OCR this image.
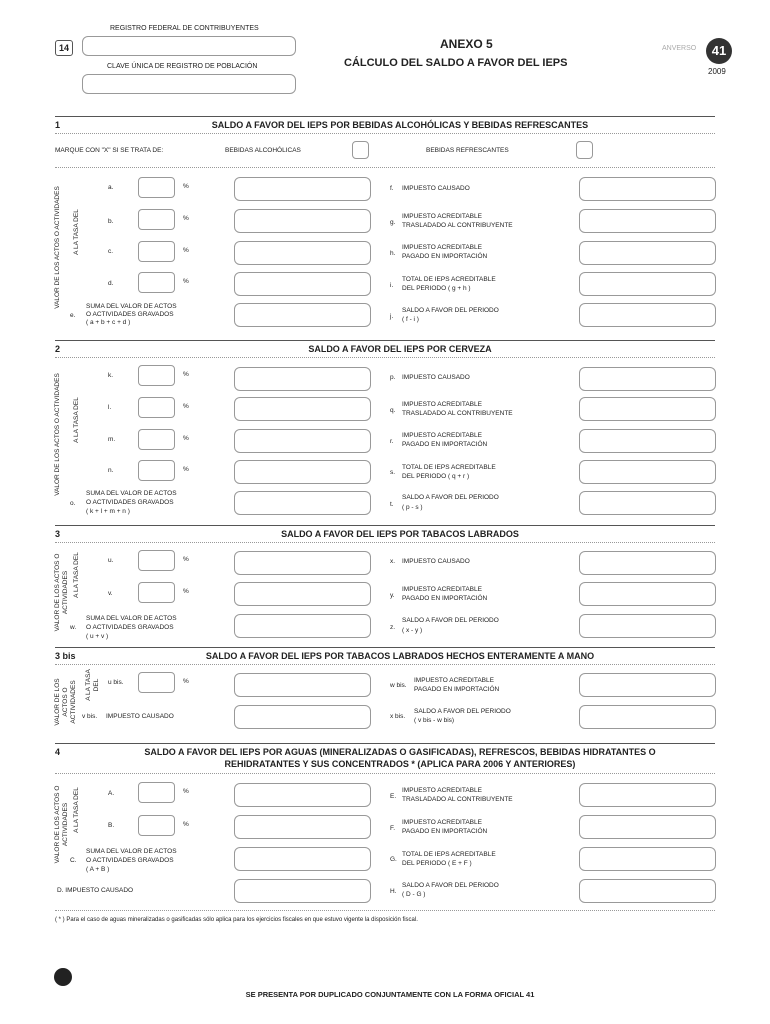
14
REGISTRO FEDERAL DE CONTRIBUYENTES
CLAVE ÚNICA DE REGISTRO DE POBLACIÓN
ANEXO 5
CÁLCULO DEL SALDO A FAVOR DEL IEPS
ANVERSO	41
2009
1	SALDO A FAVOR DEL IEPS POR BEBIDAS ALCOHÓLICAS Y BEBIDAS REFRESCANTES
MARQUE CON "X" SI SE TRATA DE:	BEBIDAS ALCOHÓLICAS	BEBIDAS REFRESCANTES
VALOR DE LOS ACTOS O ACTIVIDADES A LA TASA DEL
a.	%
b.	%
c.	%
d.	%
e.
SUMA DEL VALOR DE ACTOS
O ACTIVIDADES GRAVADOS
( a + b + c + d )
f. IMPUESTO CAUSADO
g.
IMPUESTO ACREDITABLE
TRASLADADO AL CONTRIBUYENTE
h.
IMPUESTO ACREDITABLE
PAGADO EN IMPORTACIÓN
i.
TOTAL DE IEPS ACREDITABLE
DEL PERIODO ( g + h )
j.
SALDO A FAVOR DEL PERIODO
( f - i )
2	SALDO A FAVOR DEL IEPS POR CERVEZA
VALOR DE LOS ACTOS O ACTIVIDADES A LA TASA DEL
k.	%
l.	%
m.	%
n.	%
o.
SUMA DEL VALOR DE ACTOS
O ACTIVIDADES GRAVADOS
( k + l + m + n )
p. IMPUESTO CAUSADO
q.
IMPUESTO ACREDITABLE
TRASLADADO AL CONTRIBUYENTE
r.
IMPUESTO ACREDITABLE
PAGADO EN IMPORTACIÓN
s.
TOTAL DE IEPS ACREDITABLE
DEL PERIODO ( q + r )
t.
SALDO A FAVOR DEL PERIODO
( p - s )
3	SALDO A FAVOR DEL IEPS POR TABACOS LABRADOS
VALOR DE LOS ACTOS O ACTIVIDADES A LA TASA DEL	u.	%
v.	%
w.
SUMA DEL VALOR DE ACTOS
O ACTIVIDADES GRAVADOS
( u + v )
x. IMPUESTO CAUSADO
y.
IMPUESTO ACREDITABLE
PAGADO EN IMPORTACIÓN
z.
SALDO A FAVOR DEL PERIODO
( x - y )
3 bis	SALDO A FAVOR DEL IEPS POR TABACOS LABRADOS HECHOS ENTERAMENTE A MANO
VALOR DE LOS ACTOS O ACTIVIDADES A LA TASA DEL u bis.	%
v bis. IMPUESTO CAUSADO
w bis.
IMPUESTO ACREDITABLE
PAGADO EN IMPORTACIÓN
x bis.
SALDO A FAVOR DEL PERIODO
( v bis - w bis)
4	SALDO A FAVOR DEL IEPS POR AGUAS (MINERALIZADAS O GASIFICADAS), REFRESCOS, BEBIDAS HIDRATANTES O
REHIDRATANTES Y SUS CONCENTRADOS * (APLICA PARA 2006 Y ANTERIORES)
VALOR DE LOS ACTOS O ACTIVIDADES A LA TASA DEL	A.	%
B.	%
C.
SUMA DEL VALOR DE ACTOS
O ACTIVIDADES GRAVADOS
( A + B )
D. IMPUESTO CAUSADO
E.
IMPUESTO ACREDITABLE
TRASLADADO AL CONTRIBUYENTE
F.
IMPUESTO ACREDITABLE
PAGADO EN IMPORTACIÓN
G.
TOTAL DE IEPS ACREDITABLE
DEL PERIODO ( E + F )
H.
SALDO A FAVOR DEL PERIODO
( D - G )
( * ) Para el caso de aguas mineralizadas o gasificadas sólo aplica para los ejercicios fiscales en que estuvo vigente la disposición fiscal.
SE PRESENTA POR DUPLICADO CONJUNTAMENTE CON LA FORMA OFICIAL 41
